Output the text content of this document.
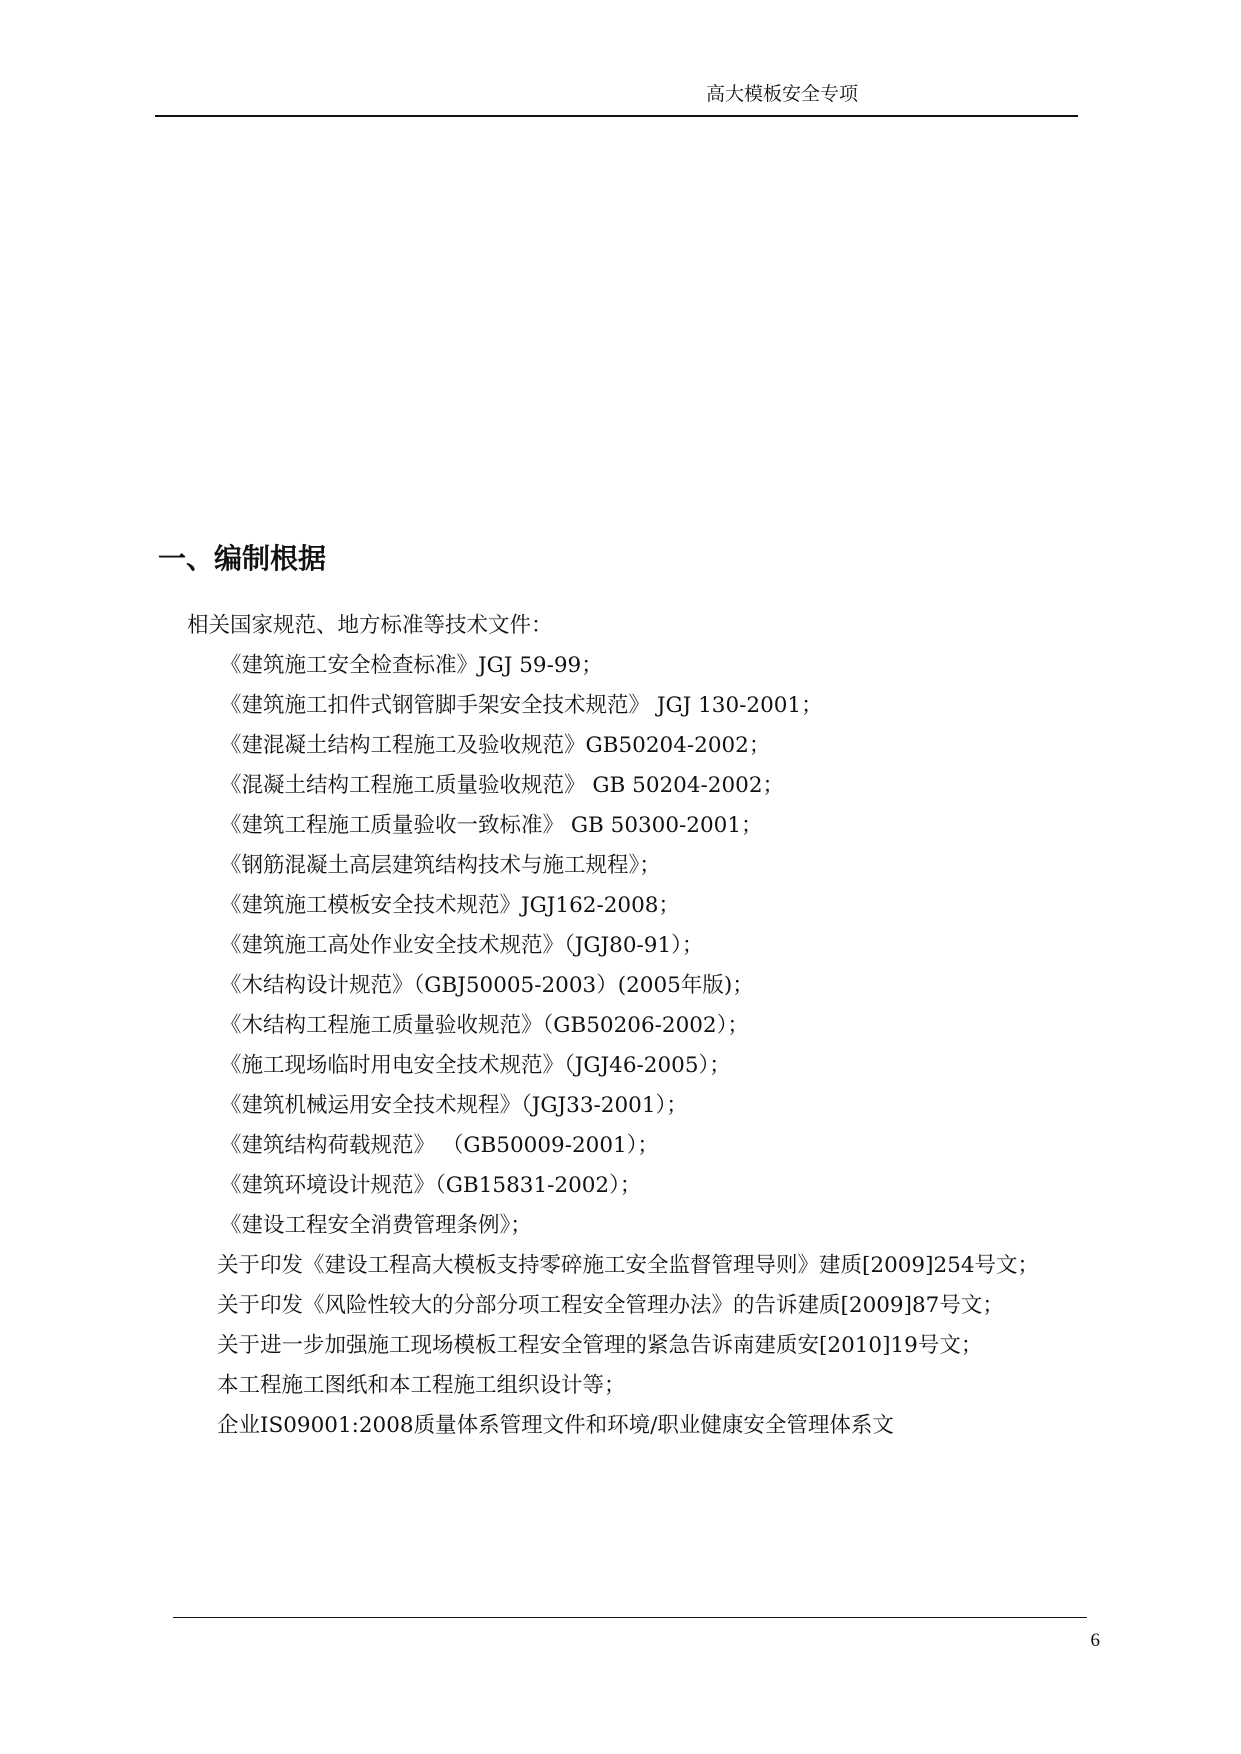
高大模板安全专项
一、编制根据
相关国家规范、地方标准等技术文件：
《建筑施工安全检查标准》JGJ 59-99；
《建筑施工扣件式钢管脚手架安全技术规范》 JGJ 130-2001；
《建混凝土结构工程施工及验收规范》GB50204-2002；
《混凝土结构工程施工质量验收规范》 GB 50204-2002；
《建筑工程施工质量验收一致标准》 GB 50300-2001；
《钢筋混凝土高层建筑结构技术与施工规程》；
《建筑施工模板安全技术规范》JGJ162-2008；
《建筑施工高处作业安全技术规范》（JGJ80-91）；
《木结构设计规范》（GBJ50005-2003）(2005年版)；
《木结构工程施工质量验收规范》（GB50206-2002）；
《施工现场临时用电安全技术规范》（JGJ46-2005）；
《建筑机械运用安全技术规程》（JGJ33-2001）；
《建筑结构荷载规范》 （GB50009-2001）；
《建筑环境设计规范》（GB15831-2002）；
《建设工程安全消费管理条例》；
关于印发《建设工程高大模板支持零碎施工安全监督管理导则》建质[2009]254号文；
关于印发《风险性较大的分部分项工程安全管理办法》的告诉建质[2009]87号文；
关于进一步加强施工现场模板工程安全管理的紧急告诉南建质安[2010]19号文；
本工程施工图纸和本工程施工组织设计等；
企业IS09001:2008质量体系管理文件和环境/职业健康安全管理体系文
6
